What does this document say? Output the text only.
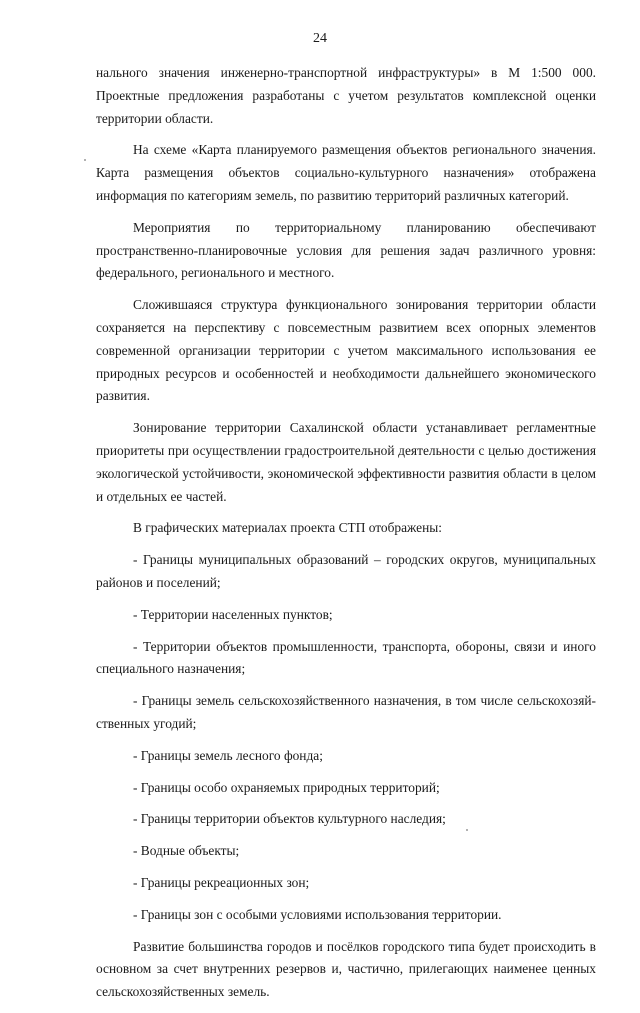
24

нального значения инженерно-транспортной инфраструктуры» в М 1:500 000. Проектные предложения разработаны с учетом результатов комплексной оценки территории области.

На схеме «Карта планируемого размещения объектов регионального значения. Карта размещения объектов социально-культурного назначения» отображена информация по категориям земель, по развитию территорий различных категорий.

Мероприятия по территориальному планированию обеспечивают пространственно-планировочные условия для решения задач различного уровня: федерального, регионального и местного.

Сложившаяся структура функционального зонирования территории области сохраняется на перспективу с повсеместным развитием всех опорных элементов современной организации территории с учетом максимального использования ее природных ресурсов и особенностей и необходимости дальнейшего экономического развития.

Зонирование территории Сахалинской области устанавливает регламентные приоритеты при осуществлении градостроительной деятельности с целью достижения экологической устойчивости, экономической эффективности развития области в целом и отдельных ее частей.

В графических материалах проекта СТП отображены:

- Границы муниципальных образований – городских округов, муниципальных районов и поселений;
- Территории населенных пунктов;
- Территории объектов промышленности, транспорта, обороны, связи и иного специального назначения;
- Границы земель сельскохозяйственного назначения, в том числе сельскохозяйственных угодий;
- Границы земель лесного фонда;
- Границы особо охраняемых природных территорий;
- Границы территории объектов культурного наследия;
- Водные объекты;
- Границы рекреационных зон;
- Границы зон с особыми условиями использования территории.

Развитие большинства городов и посёлков городского типа будет происходить в основном за счет внутренних резервов и, частично, прилегающих наименее ценных сельскохозяйственных земель.
